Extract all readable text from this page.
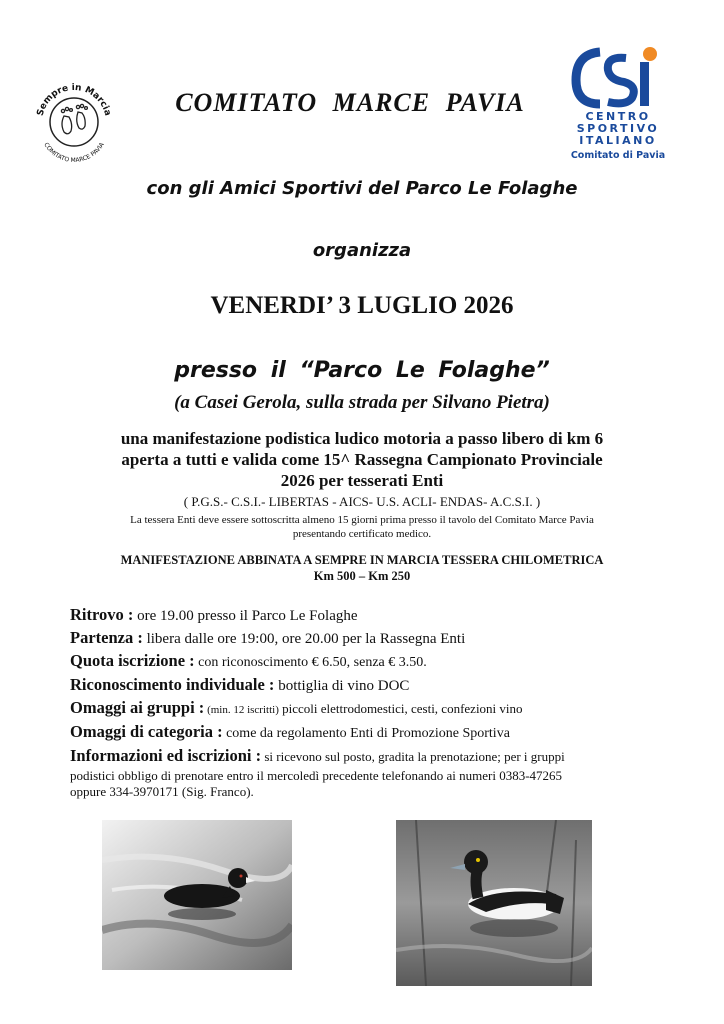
Sempre in Marcia
COMITATO MARCE PAVIA
CENTRO
SPORTIVO
ITALIANO
Comitato di Pavia
COMITATO MARCE PAVIA
con gli Amici Sportivi del Parco Le Folaghe
organizza
VENERDI’ 3 LUGLIO 2026
presso il “Parco Le Folaghe”
(a Casei Gerola, sulla strada per Silvano Pietra)
una manifestazione podistica ludico motoria a passo libero di km 6
aperta a tutti e valida come 15^ Rassegna Campionato Provinciale
2026 per tesserati Enti
( P.G.S.- C.S.I.- LIBERTAS - AICS- U.S. ACLI- ENDAS- A.C.S.I. )
La tessera Enti deve essere sottoscritta almeno 15 giorni prima presso il tavolo del Comitato Marce Pavia
presentando certificato medico.
MANIFESTAZIONE ABBINATA A SEMPRE IN MARCIA TESSERA CHILOMETRICA
Km 500 – Km 250
Ritrovo : ore 19.00 presso il Parco Le Folaghe
Partenza : libera dalle ore 19:00, ore 20.00 per la Rassegna Enti
Quota iscrizione : con riconoscimento € 6.50, senza € 3.50.
Riconoscimento individuale : bottiglia di vino DOC
Omaggi ai gruppi : (min. 12 iscritti) piccoli elettrodomestici, cesti, confezioni vino
Omaggi di categoria : come da regolamento Enti di Promozione Sportiva
Informazioni ed iscrizioni : si ricevono sul posto, gradita la prenotazione; per i gruppi
podistici obbligo di prenotare entro il mercoledì precedente telefonando ai numeri 0383-47265
oppure 334-3970171 (Sig. Franco).
